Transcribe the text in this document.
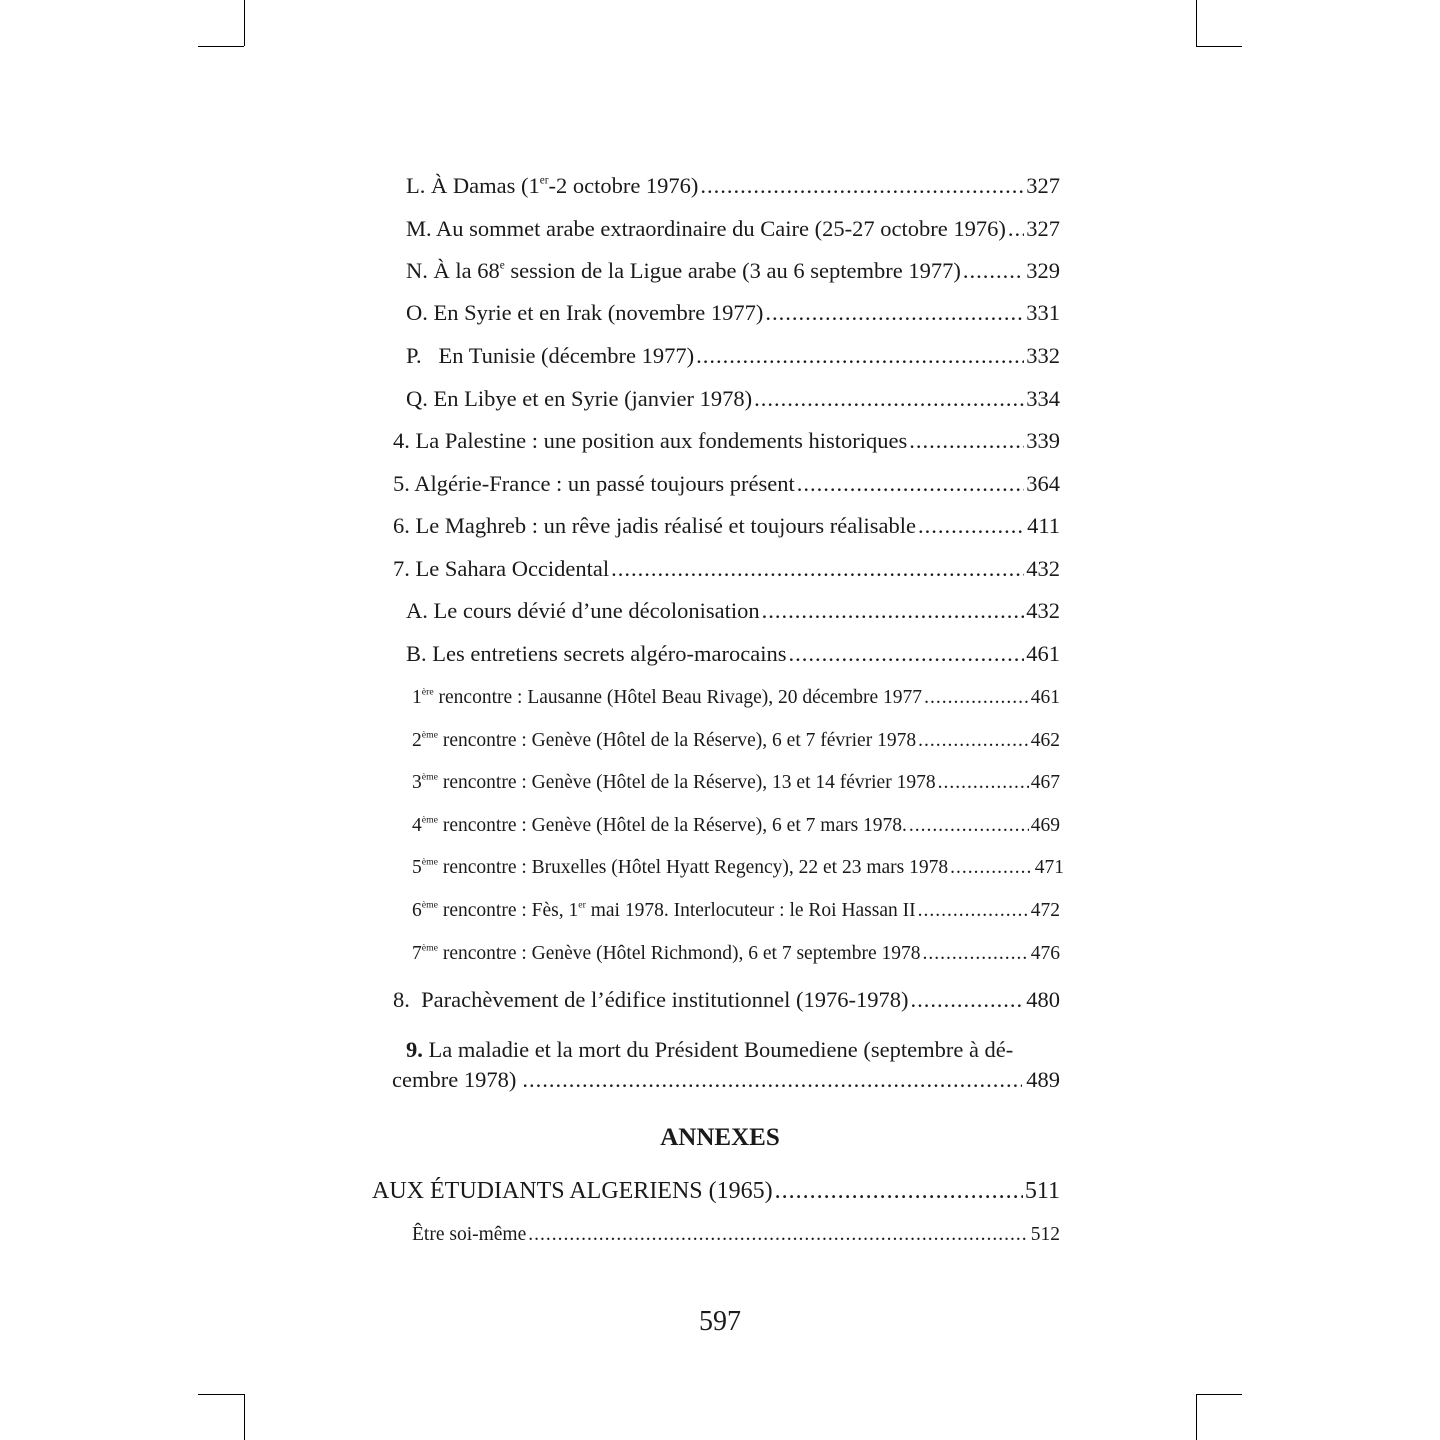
L. À Damas (1er-2 octobre 1976) .....	327
M. Au sommet arabe extraordinaire du Caire (25-27 octobre 1976) ..... 327
N. À la 68e session de la Ligue arabe (3 au 6 septembre 1977) .....	329
O. En Syrie et en Irak (novembre 1977) .....	331
P.   En Tunisie (décembre 1977) .....	332
Q. En Libye et en Syrie (janvier 1978) .....	334
4. La Palestine : une position aux fondements historiques .....	339
5. Algérie-France : un passé toujours présent .....	364
6. Le Maghreb : un rêve jadis réalisé et toujours réalisable .....	411
7. Le Sahara Occidental .....	432
A. Le cours dévié d’une décolonisation .....	432
B. Les entretiens secrets algéro-marocains .....	461
1ère rencontre : Lausanne (Hôtel Beau Rivage), 20 décembre 1977 .....	461
2ème rencontre : Genève (Hôtel de la Réserve), 6 et 7 février 1978 .....	462
3ème rencontre : Genève (Hôtel de la Réserve), 13 et 14 février 1978 .....	467
4ème rencontre : Genève (Hôtel de la Réserve), 6 et 7 mars 1978. .....	469
5ème rencontre : Bruxelles (Hôtel Hyatt Regency), 22 et 23 mars 1978 .....	471
6ème rencontre : Fès, 1er mai 1978. Interlocuteur : le Roi Hassan II .....	472
7ème rencontre : Genève (Hôtel Richmond), 6 et 7 septembre 1978 .....	476
8.  Parachèvement de l’édifice institutionnel (1976-1978) .....	480
9. La maladie et la mort du Président Boumediene (septembre à dé-
cembre 1978) .....	489
ANNEXES
AUX ÉTUDIANTS ALGERIENS (1965) .....	511
Être soi-même .....	512
597
